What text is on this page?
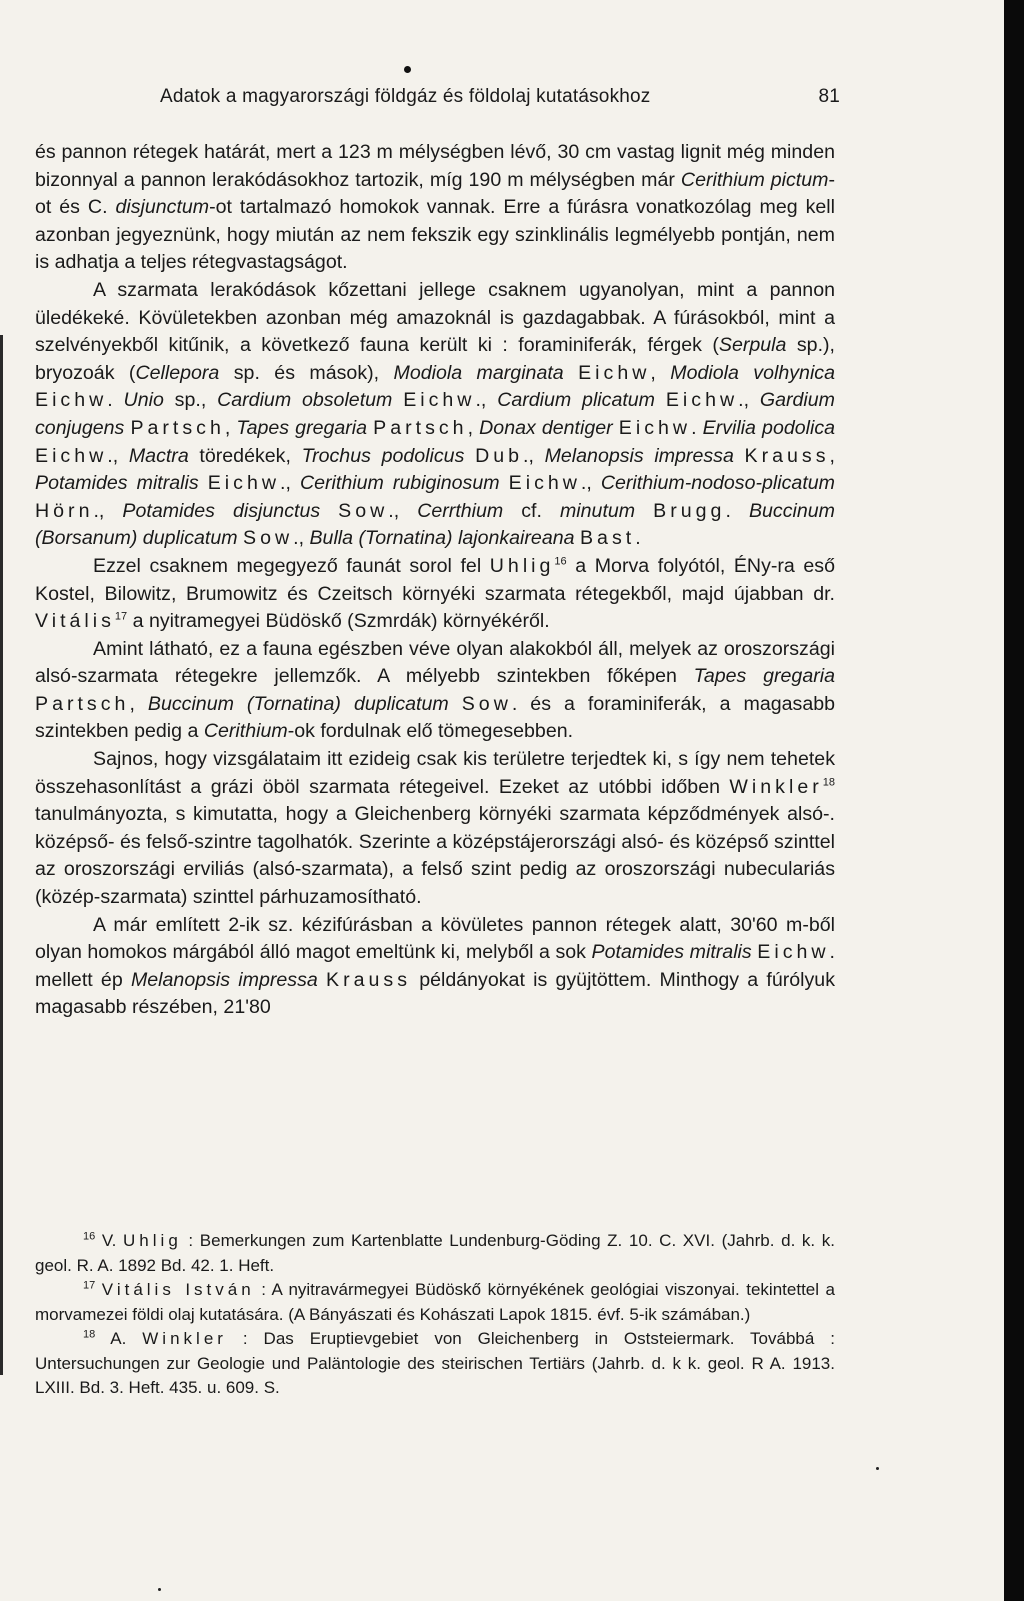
Adatok a magyarországi földgáz és földolaj kutatásokhoz	81

és pannon rétegek határát, mert a 123 m mélységben lévő, 30 cm vastag lignit még minden bizonnyal a pannon lerakódásokhoz tartozik, míg 190 m mélységben már Cerithium pictum-ot és C. disjunctum-ot tartalmazó homokok vannak. Erre a fúrásra vonatkozólag meg kell azonban jegyeznünk, hogy miután az nem fekszik egy szinklinális legmélyebb pontján, nem is adhatja a teljes rétegvastagságot.

A szarmata lerakódások kőzettani jellege csaknem ugyanolyan, mint a pannon üledékeké. Kövületekben azonban még amazoknál is gazdagabbak. A fúrásokból, mint a szelvényekből kitűnik, a következő fauna került ki : foraminiferák, férgek (Serpula sp.), bryozoák (Cellepora sp. és mások), Modiola marginata Eichw, Modiola volhynica Eichw. Unio sp., Cardium obsoletum Eichw., Cardium plicatum Eichw., Gardium conjugens Partsch, Tapes gregaria Partsch, Donax dentiger Eichw. Ervilia podolica Eichw., Mactra töredékek, Trochus podolicus Dub., Melanopsis impressa Krauss, Potamides mitralis Eichw., Cerithium rubiginosum Eichw., Cerithium-nodoso-plicatum Hörn., Potamides disjunctus Sow., Cerrthium cf. minutum Brugg. Buccinum (Borsanum) duplicatum Sow., Bulla (Tornatina) lajonkaireana Bast.

Ezzel csaknem megegyező faunát sorol fel Uhlig$^{16}$ a Morva folyótól, ÉNy-ra eső Kostel, Bilowitz, Brumowitz és Czeitsch környéki szarmata rétegekből, majd újabban dr. Vitális$^{17}$ a nyitramegyei Büdöskő (Szmrdák) környékéről.

Amint látható, ez a fauna egészben véve olyan alakokból áll, melyek az oroszországi alsó-szarmata rétegekre jellemzők. A mélyebb szintekben főképen Tapes gregaria Partsch, Buccinum (Tornatina) duplicatum Sow. és a foraminiferák, a magasabb szintekben pedig a Cerithium-ok fordulnak elő tömegesebben.

Sajnos, hogy vizsgálataim itt ezideig csak kis területre terjedtek ki, s így nem tehetek összehasonlítást a grázi öböl szarmata rétegeivel. Ezeket az utóbbi időben Winkler$^{18}$ tanulmányozta, s kimutatta, hogy a Gleichenberg környéki szarmata képződmények alsó-. középső- és felső-szintre tagolhatók. Szerinte a középstájerországi alsó- és középső szinttel az oroszországi erviliás (alsó-szarmata), a felső szint pedig az oroszországi nubeculariás (közép-szarmata) szinttel párhuzamosítható.

A már említett 2-ik sz. kézifúrásban a kövületes pannon rétegek alatt, 30'60 m-ből olyan homokos márgából álló magot emeltünk ki, melyből a sok Potamides mitralis Eichw. mellett ép Melanopsis impressa Krauss példányokat is gyüjtöttem. Minthogy a fúrólyuk magasabb részében, 21'80

$^{16}$ V. Uhlig : Bemerkungen zum Kartenblatte Lundenburg-Göding Z. 10. C. XVI. (Jahrb. d. k. k. geol. R. A. 1892 Bd. 42. 1. Heft.

$^{17}$ Vitális István : A nyitravármegyei Büdöskő környékének geológiai viszonyai. tekintettel a morvamezei földi olaj kutatására. (A Bányászati és Kohászati Lapok 1815. évf. 5-ik számában.)

$^{18}$ A. Winkler : Das Eruptievgebiet von Gleichenberg in Oststeiermark. Továbbá : Untersuchungen zur Geologie und Paläntologie des steirischen Tertiärs (Jahrb. d. k k. geol. R A. 1913. LXIII. Bd. 3. Heft. 435. u. 609. S.
